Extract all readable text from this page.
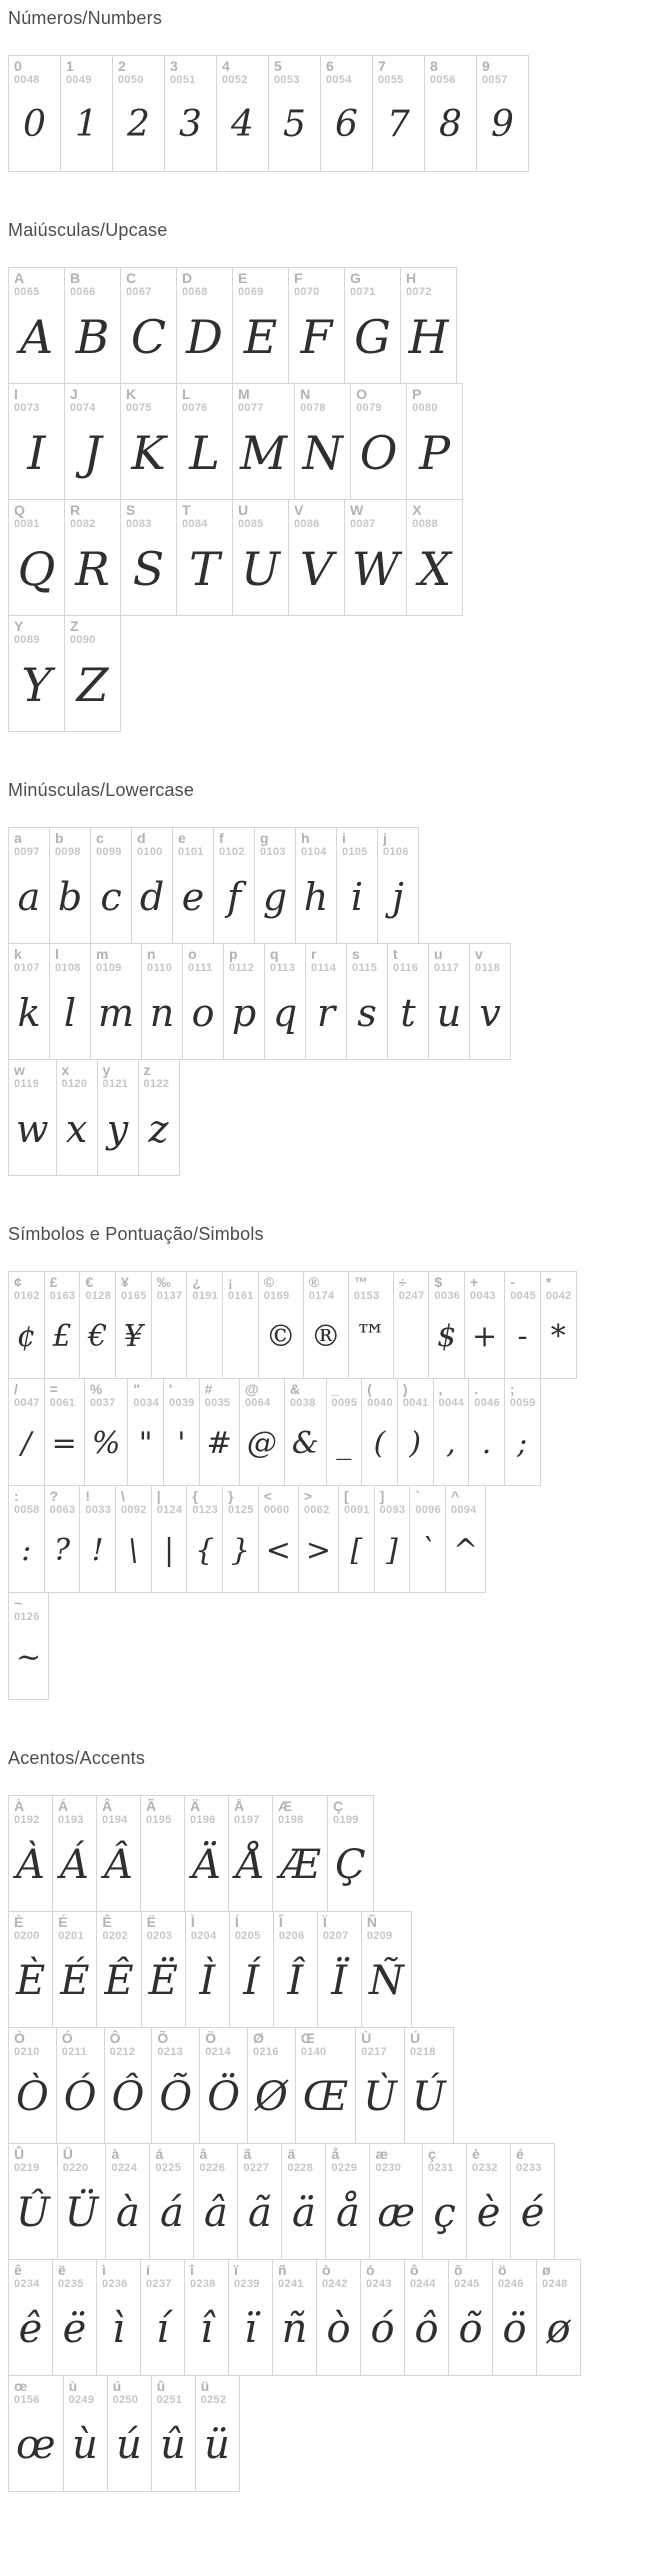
Números/Numbers
0
0048
0
1
0049
1
2
0050
2
3
0051
3
4
0052
4
5
0053
5
6
0054
6
7
0055
7
8
0056
8
9
0057
9
Maiúsculas/Upcase
A
0065
A
B
0066
B
C
0067
C
D
0068
D
E
0069
E
F
0070
F
G
0071
G
H
0072
H
I
0073
I
J
0074
J
K
0075
K
L
0076
L
M
0077
M
N
0078
N
O
0079
O
P
0080
P
Q
0081
Q
R
0082
R
S
0083
S
T
0084
T
U
0085
U
V
0086
V
W
0087
W
X
0088
X
Y
0089
Y
Z
0090
Z
Minúsculas/Lowercase
a
0097
a
b
0098
b
c
0099
c
d
0100
d
e
0101
e
f
0102
f
g
0103
g
h
0104
h
i
0105
i
j
0106
j
k
0107
k
l
0108
l
m
0109
m
n
0110
n
o
0111
o
p
0112
p
q
0113
q
r
0114
r
s
0115
s
t
0116
t
u
0117
u
v
0118
v
w
0119
w
x
0120
x
y
0121
y
z
0122
z
Símbolos e Pontuação/Simbols
¢
0162
¢
£
0163
£
€
0128
€
¥
0165
¥
‰
0137
¿
0191
¡
0161
©
0169
©
®
0174
®
™
0153
™
÷
0247
$
0036
$
+
0043
+
-
0045
-
*
0042
*
/
0047
/
=
0061
=
%
0037
%
"
0034
"
'
0039
'
#
0035
#
@
0064
@
&
0038
&
_
0095
_
(
0040
(
)
0041
)
,
0044
,
.
0046
.
;
0059
;
:
0058
:
?
0063
?
!
0033
!
\
0092
\
|
0124
|
{
0123
{
}
0125
}
<
0060
<
>
0062
>
[
0091
[
]
0093
]
`
0096
`
^
0094
^
~
0126
~
Acentos/Accents
À
0192
À
Á
0193
Á
Â
0194
Â
Ã
0195
Ä
0196
Ä
Å
0197
Å
Æ
0198
Æ
Ç
0199
Ç
È
0200
È
É
0201
É
Ê
0202
Ê
Ë
0203
Ë
Ì
0204
Ì
Í
0205
Í
Î
0206
Î
Ï
0207
Ï
Ñ
0209
Ñ
Ò
0210
Ò
Ó
0211
Ó
Ô
0212
Ô
Õ
0213
Õ
Ö
0214
Ö
Ø
0216
Ø
Œ
0140
Œ
Ù
0217
Ù
Ú
0218
Ú
Û
0219
Û
Ü
0220
Ü
à
0224
à
á
0225
á
â
0226
â
ã
0227
ã
ä
0228
ä
å
0229
å
æ
0230
æ
ç
0231
ç
è
0232
è
é
0233
é
ê
0234
ê
ë
0235
ë
ì
0236
ì
í
0237
í
î
0238
î
ï
0239
ï
ñ
0241
ñ
ò
0242
ò
ó
0243
ó
ô
0244
ô
õ
0245
õ
ö
0246
ö
ø
0248
ø
œ
0156
œ
ù
0249
ù
ú
0250
ú
û
0251
û
ü
0252
ü
